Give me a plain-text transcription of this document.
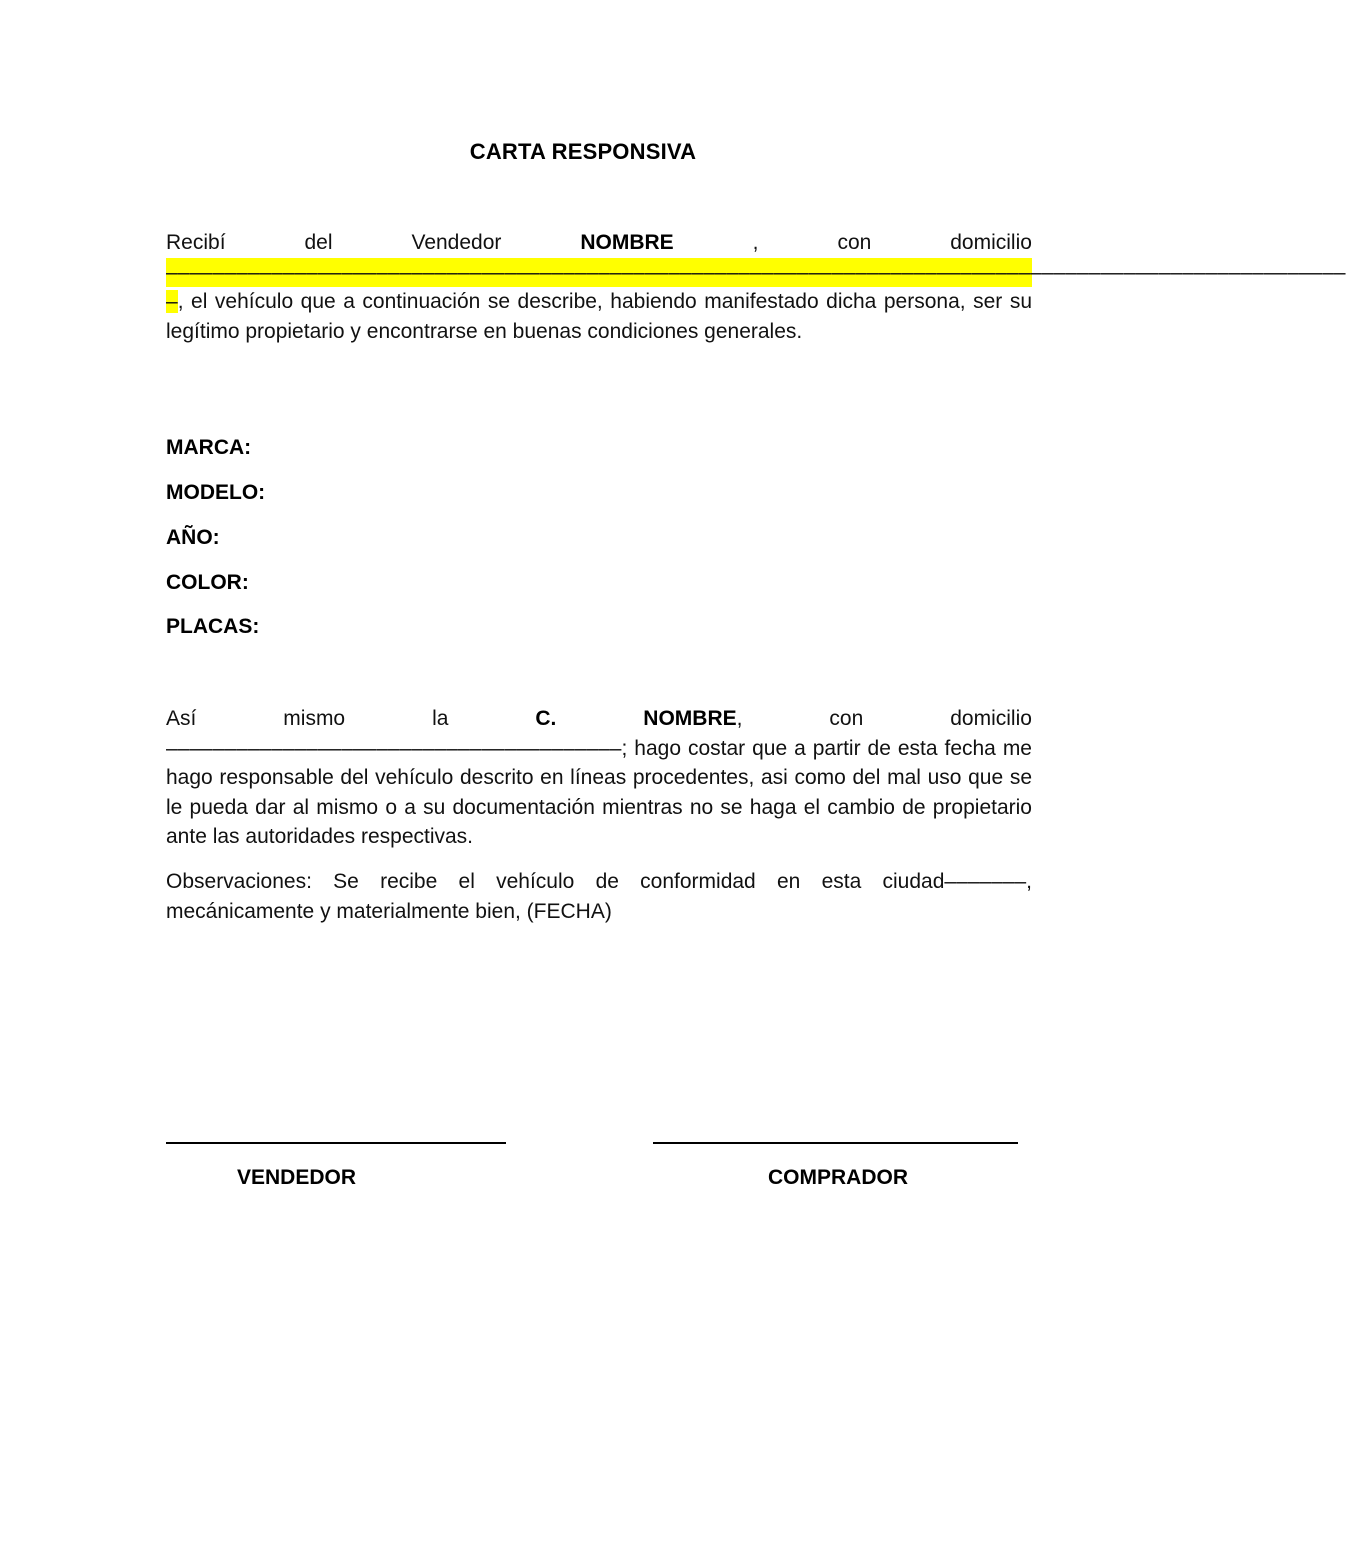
CARTA RESPONSIVA
Recibí	del	Vendedor	NOMBRE	,	con	domicilio
–––––––––––––––––––––––––––––––––––––––––––––––––––––––––––––––––––––––––––––––––––––––––––––––––––––
–, el vehículo que a continuación se describe, habiendo manifestado dicha persona, ser su legítimo propietario y encontrarse en buenas condiciones generales.
MARCA:
MODELO:
AÑO:
COLOR:
PLACAS:
Así	mismo	la	C.	NOMBRE,	con	domicilio
–––––––––––––––––––––––––––––––––––––––; hago costar que a partir de esta fecha me hago responsable del vehículo descrito en líneas procedentes, asi como del mal uso que se le pueda dar al mismo o a su documentación mientras no se haga el cambio de propietario ante las autoridades respectivas.
Observaciones: Se recibe el vehículo de conformidad en esta ciudad–––––––, mecánicamente y materialmente bien, (FECHA)
VENDEDOR	COMPRADOR
